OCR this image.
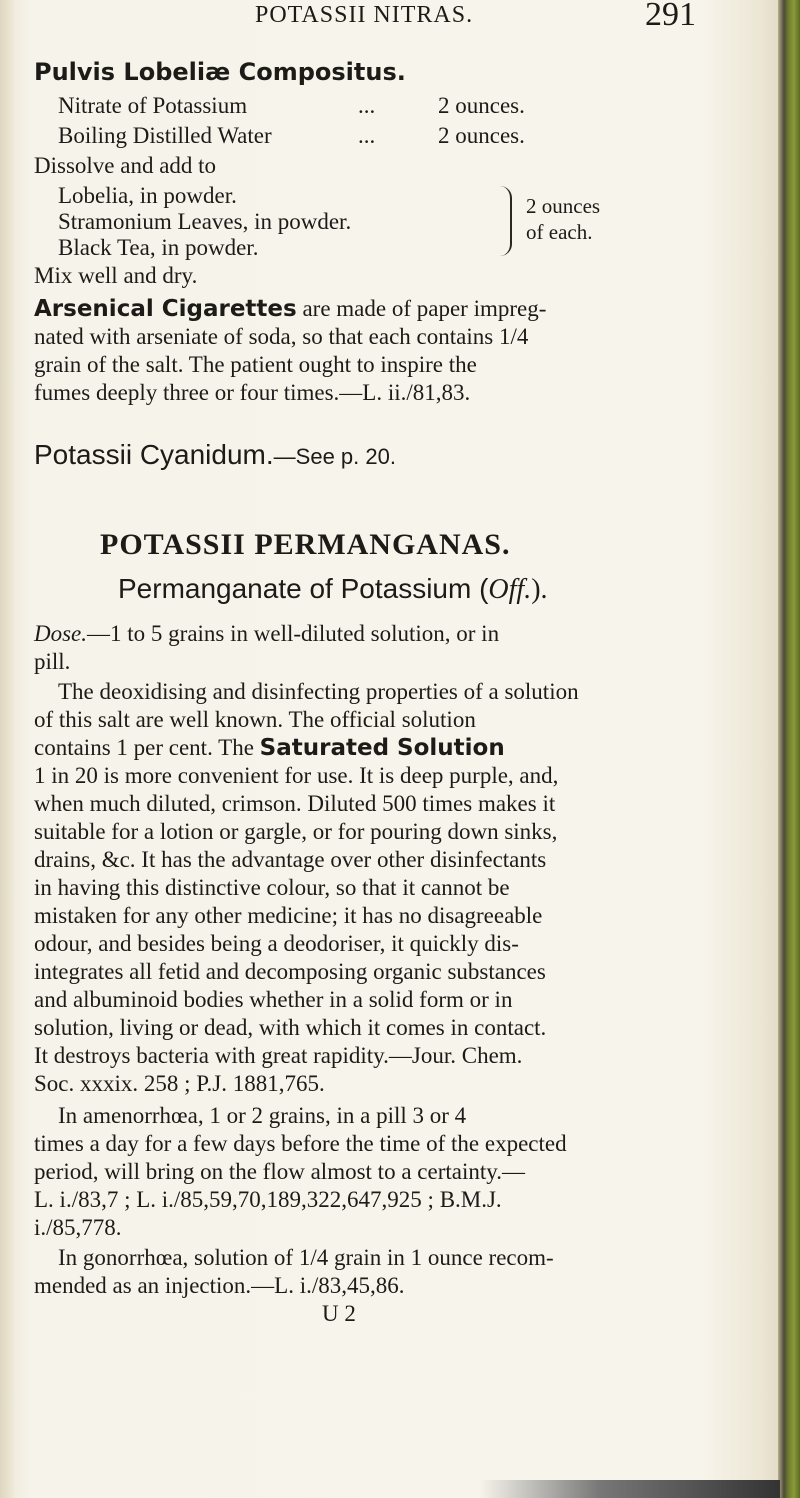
POTASSII NITRAS.	291
Pulvis Lobeliæ Compositus.
Nitrate of Potassium	...	2 ounces.
Boiling Distilled Water	...	2 ounces.
Dissolve and add to
Lobelia, in powder.
Stramonium Leaves, in powder.
Black Tea, in powder.
2 ounces
of each.
Mix well and dry.
Arsenical Cigarettes are made of paper impreg-
nated with arseniate of soda, so that each contains 1/4
grain of the salt. The patient ought to inspire the
fumes deeply three or four times.—L. ii./81,83.
Potassii Cyanidum.—See p. 20.
POTASSII PERMANGANAS.
Permanganate of Potassium (Off.).
Dose.—1 to 5 grains in well-diluted solution, or in
pill.
The deoxidising and disinfecting properties of a solution
of this salt are well known. The official solution
contains 1 per cent. The Saturated Solution
1 in 20 is more convenient for use. It is deep purple, and,
when much diluted, crimson. Diluted 500 times makes it
suitable for a lotion or gargle, or for pouring down sinks,
drains, &c. It has the advantage over other disinfectants
in having this distinctive colour, so that it cannot be
mistaken for any other medicine; it has no disagreeable
odour, and besides being a deodoriser, it quickly dis-
integrates all fetid and decomposing organic substances
and albuminoid bodies whether in a solid form or in
solution, living or dead, with which it comes in contact.
It destroys bacteria with great rapidity.—Jour. Chem.
Soc. xxxix. 258 ; P.J. 1881,765.
In amenorrhœa, 1 or 2 grains, in a pill 3 or 4
times a day for a few days before the time of the expected
period, will bring on the flow almost to a certainty.—
L. i./83,7 ; L. i./85,59,70,189,322,647,925 ; B.M.J.
i./85,778.
In gonorrhœa, solution of 1/4 grain in 1 ounce recom-
mended as an injection.—L. i./83,45,86.
U 2
